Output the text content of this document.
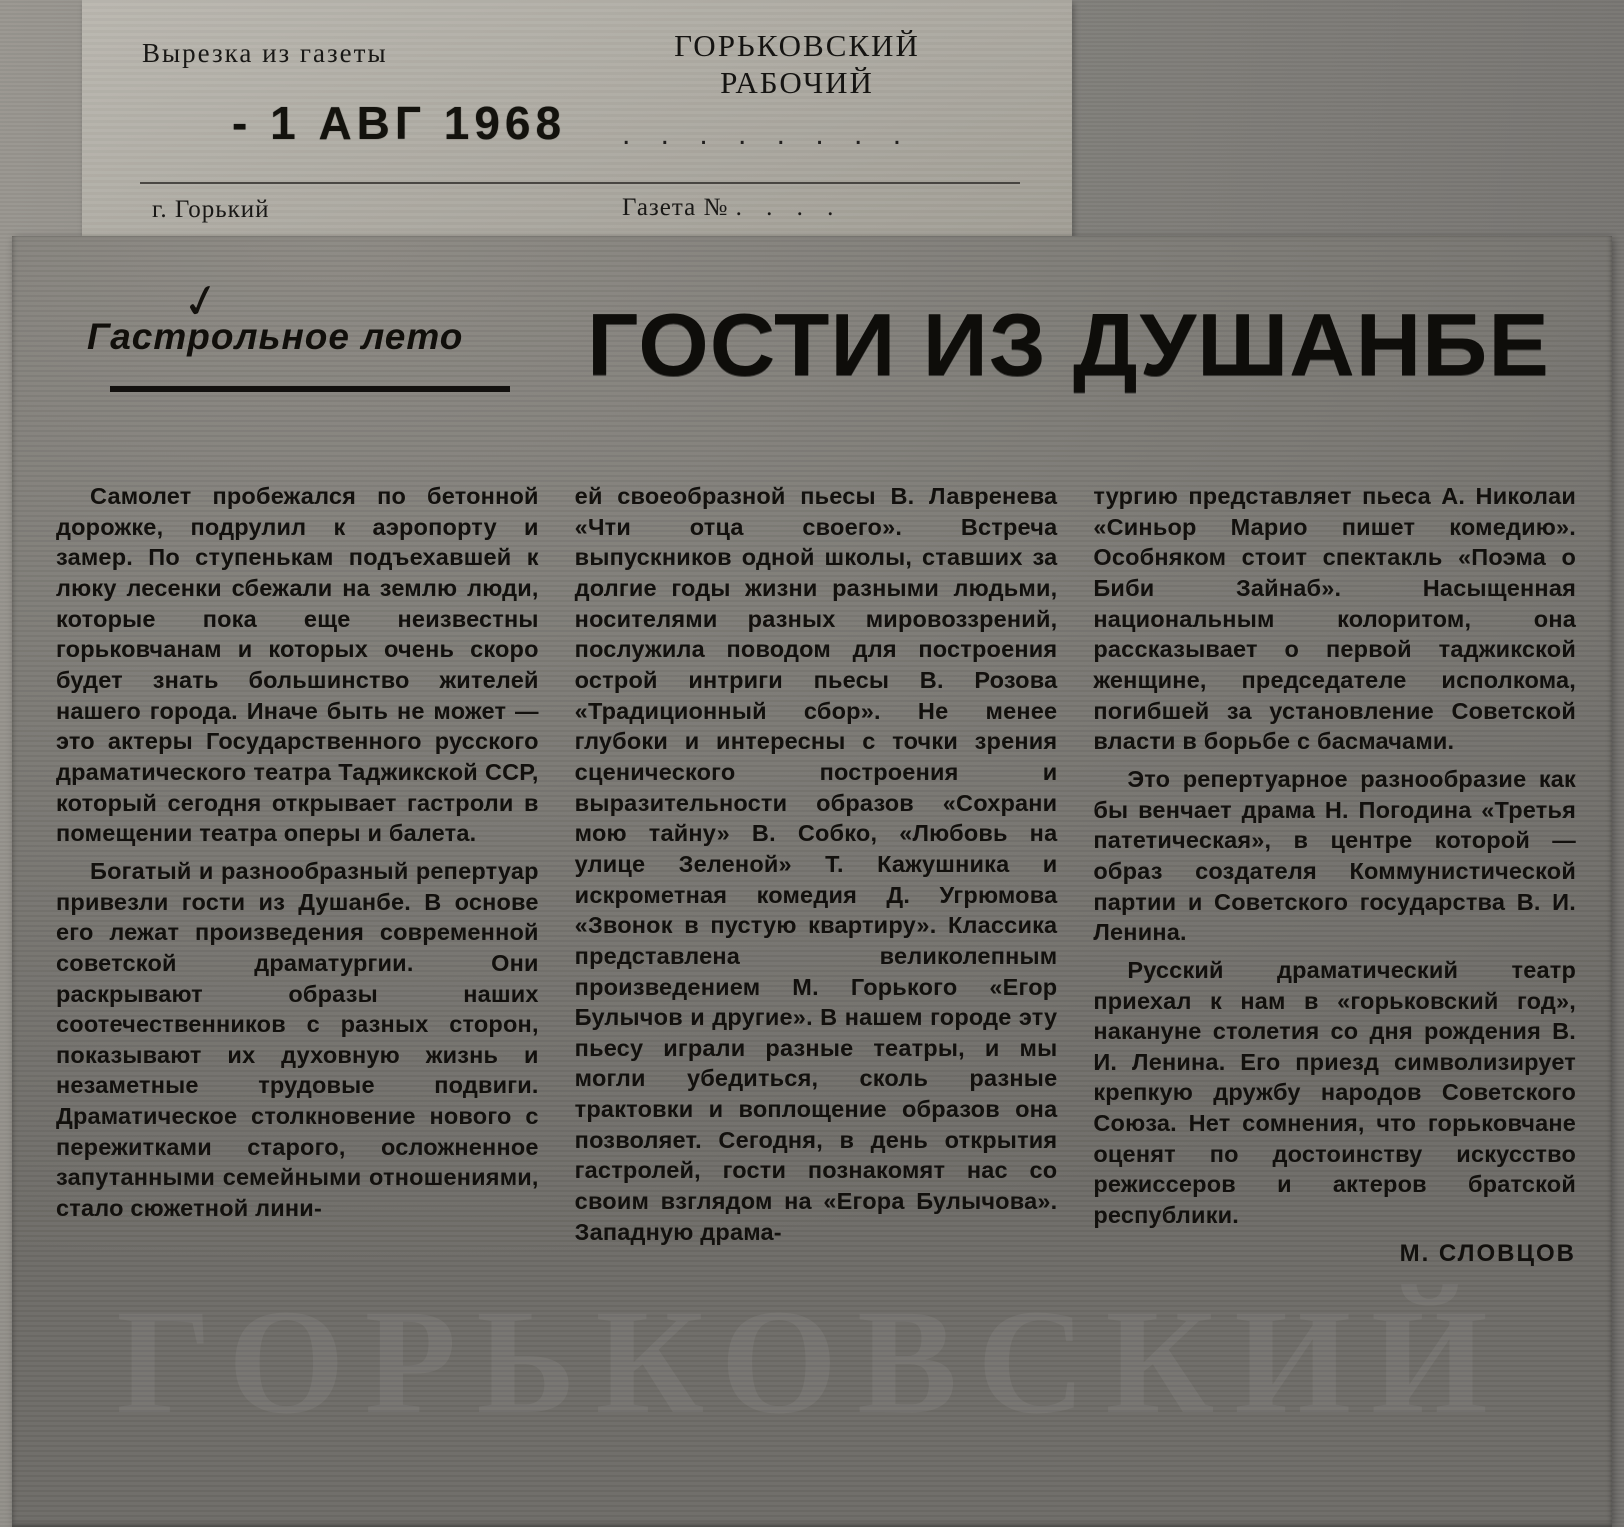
Вырезка из газеты	ГОРЬКОВСКИЙ
РАБОЧИЙ
- 1 АВГ 1968 . . . . . . . .
г. Горький	Газета № . . . .
ГОРЬКОВСКИЙ
✓
Гастрольное лето	ГОСТИ ИЗ ДУШАНБЕ

Самолет пробежался по бетонной дорожке, подрулил к аэропорту и замер. По ступенькам подъехавшей к люку лесенки сбежали на землю люди, которые пока еще неизвестны горьковчанам и которых очень скоро будет знать большинство жителей нашего города. Иначе быть не может — это актеры Государственного русского драматического театра Таджикской ССР, который сегодня открывает гастроли в помещении театра оперы и балета.

Богатый и разнообразный репертуар привезли гости из Душанбе. В основе его лежат произведения современной советской драматургии. Они раскрывают образы наших соотечественников с разных сторон, показывают их духовную жизнь и незаметные трудовые подвиги. Драматическое столкновение нового с пережитками старого, осложненное запутанными семейными отношениями, стало сюжетной лини-

ей своеобразной пьесы В. Лавренева «Чти отца своего». Встреча выпускников одной школы, ставших за долгие годы жизни разными людьми, носителями разных мировоззрений, послужила поводом для построения острой интриги пьесы В. Розова «Традиционный сбор». Не менее глубоки и интересны с точки зрения сценического построения и выразительности образов «Сохрани мою тайну» В. Собко, «Любовь на улице Зеленой» Т. Кажушника и искрометная комедия Д. Угрюмова «Звонок в пустую квартиру». Классика представлена великолепным произведением М. Горького «Егор Булычов и другие». В нашем городе эту пьесу играли разные театры, и мы могли убедиться, сколь разные трактовки и воплощение образов она позволяет. Сегодня, в день открытия гастролей, гости познакомят нас со своим взглядом на «Егора Булычова». Западную драма-

тургию представляет пьеса А. Николаи «Синьор Марио пишет комедию». Особняком стоит спектакль «Поэма о Биби Зайнаб». Насыщенная национальным колоритом, она рассказывает о первой таджикской женщине, председателе исполкома, погибшей за установление Советской власти в борьбе с басмачами.

Это репертуарное разнообразие как бы венчает драма Н. Погодина «Третья патетическая», в центре которой — образ создателя Коммунистической партии и Советского государства В. И. Ленина.

Русский драматический театр приехал к нам в «горьковский год», накануне столетия со дня рождения В. И. Ленина. Его приезд символизирует крепкую дружбу народов Советского Союза. Нет сомнения, что горьковчане оценят по достоинству искусство режиссеров и актеров братской республики.

М. СЛОВЦОВ
